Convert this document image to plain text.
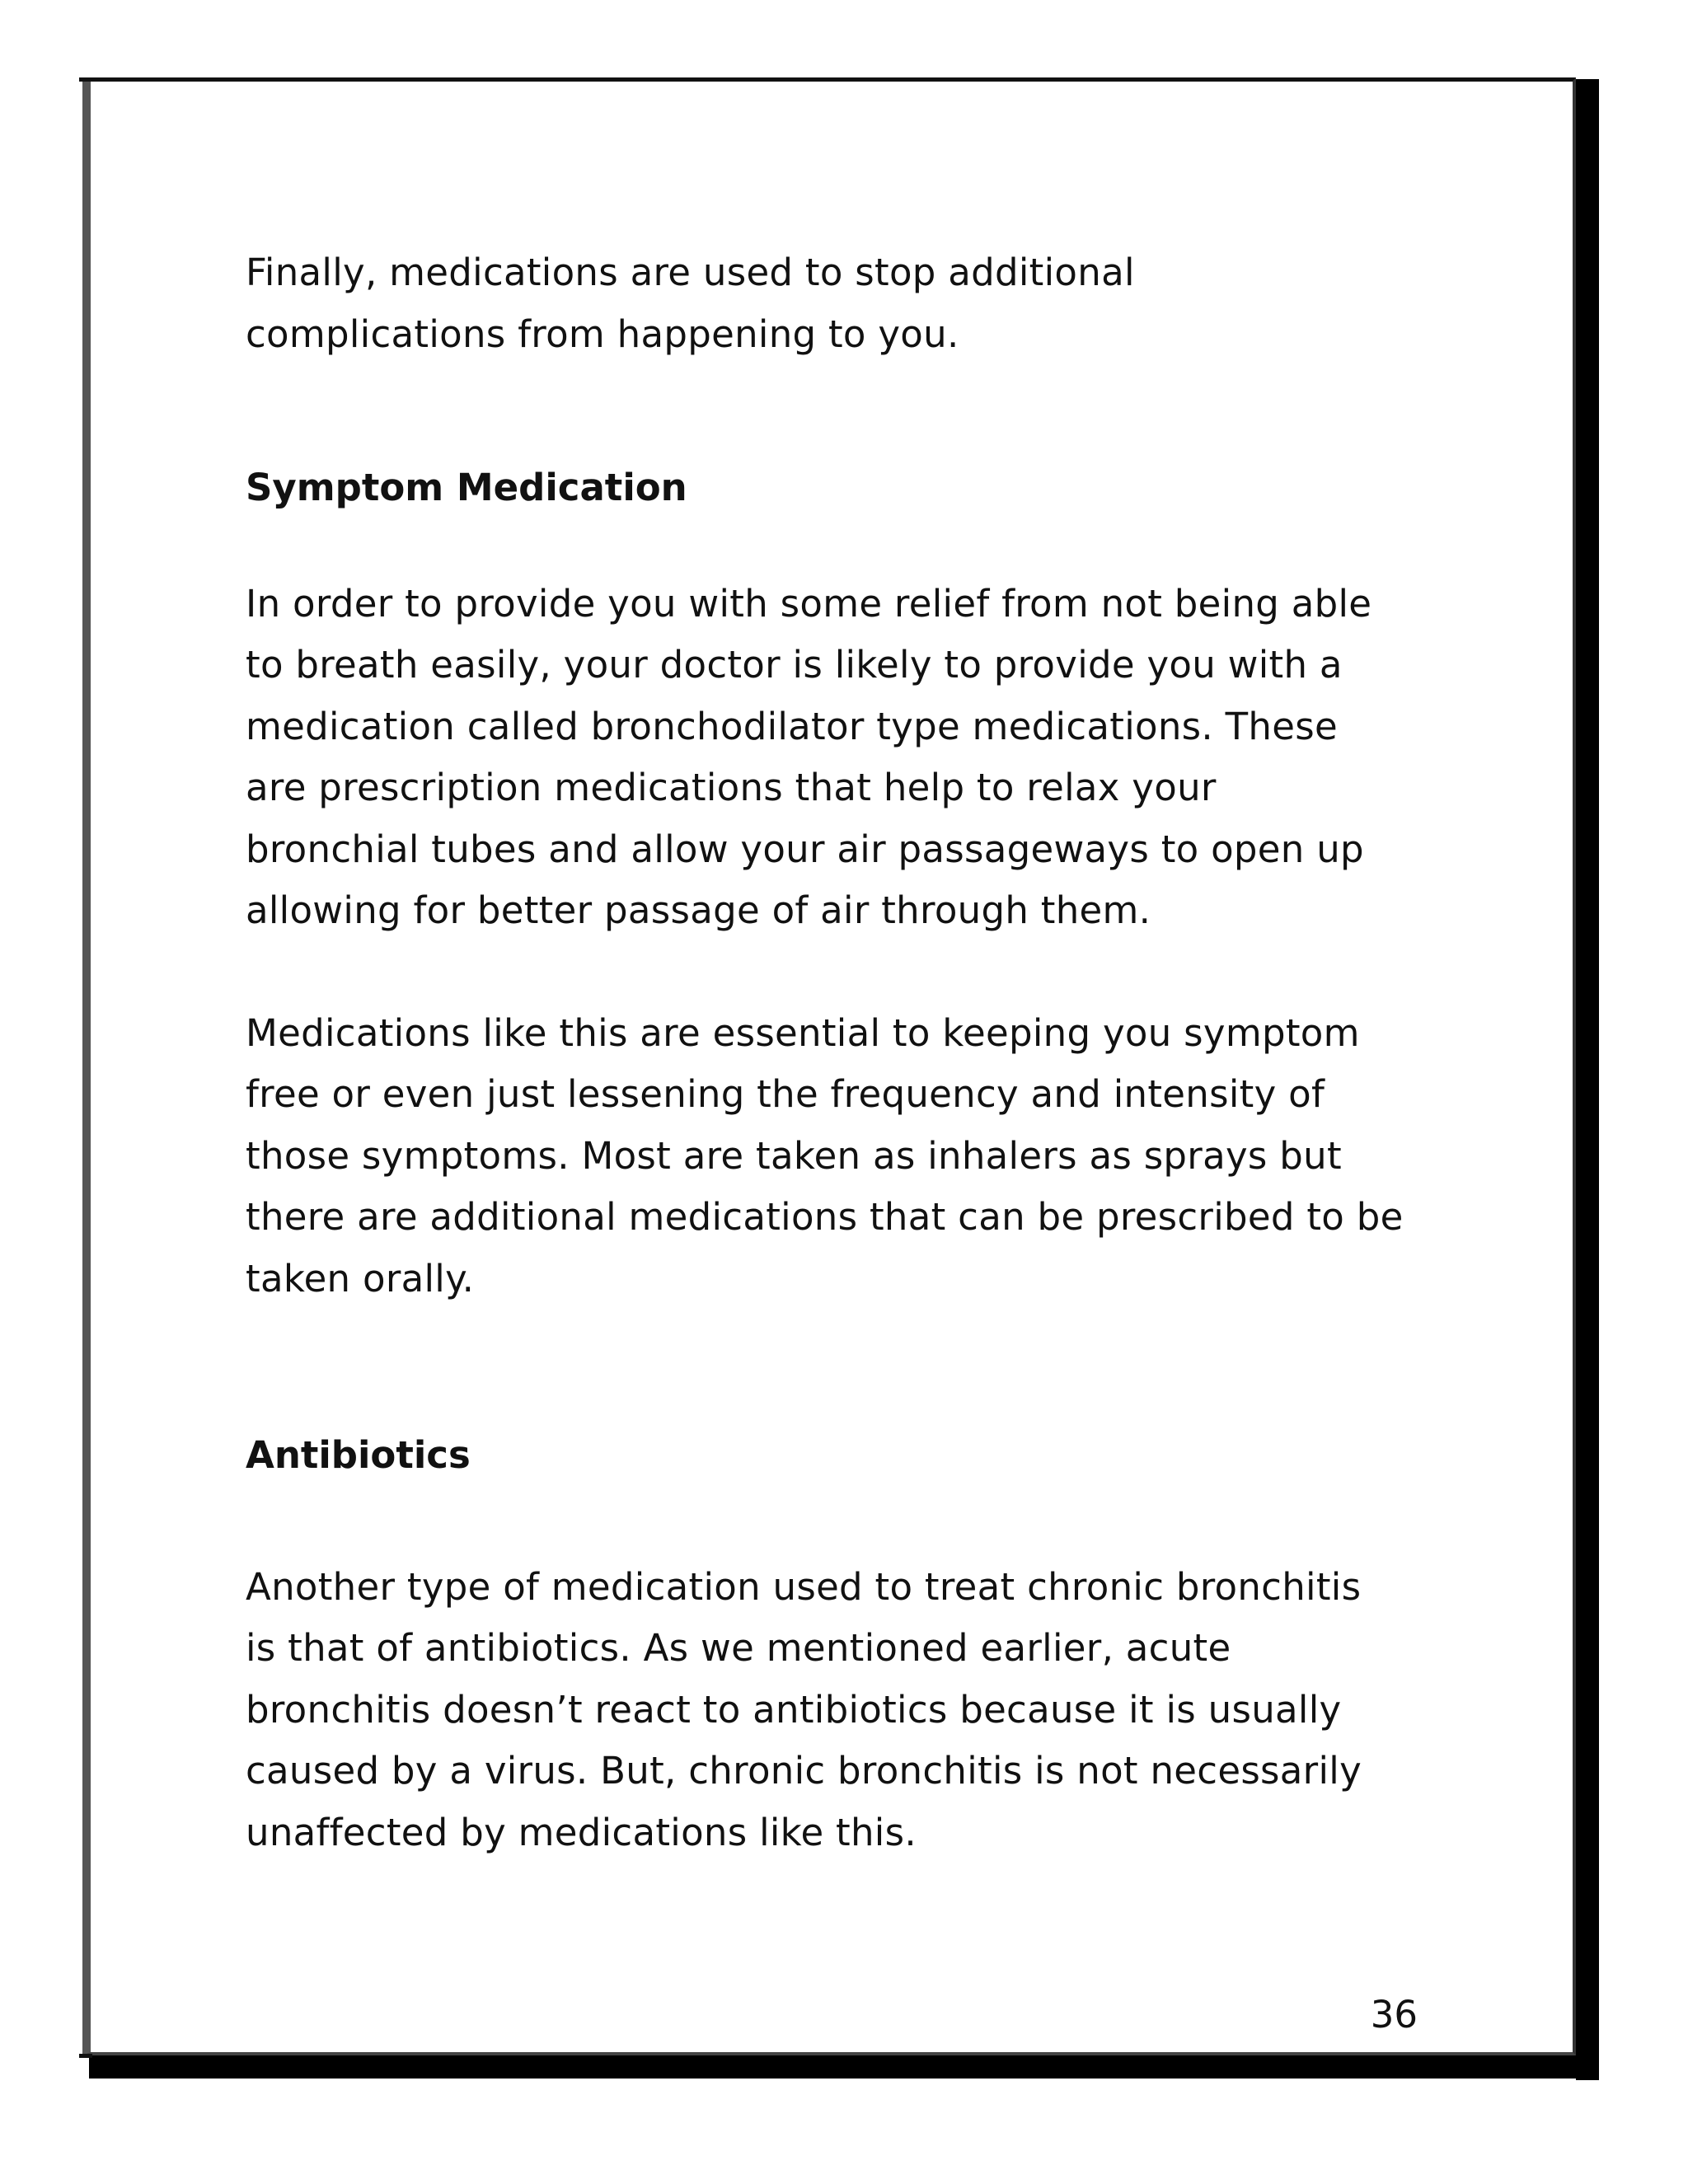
Finally, medications are used to stop additional
complications from happening to you.

Symptom Medication

In order to provide you with some relief from not being able
to breath easily, your doctor is likely to provide you with a
medication called bronchodilator type medications. These
are prescription medications that help to relax your
bronchial tubes and allow your air passageways to open up
allowing for better passage of air through them.

Medications like this are essential to keeping you symptom
free or even just lessening the frequency and intensity of
those symptoms. Most are taken as inhalers as sprays but
there are additional medications that can be prescribed to be
taken orally.

Antibiotics

Another type of medication used to treat chronic bronchitis
is that of antibiotics. As we mentioned earlier, acute
bronchitis doesn’t react to antibiotics because it is usually
caused by a virus. But, chronic bronchitis is not necessarily
unaffected by medications like this.

36
